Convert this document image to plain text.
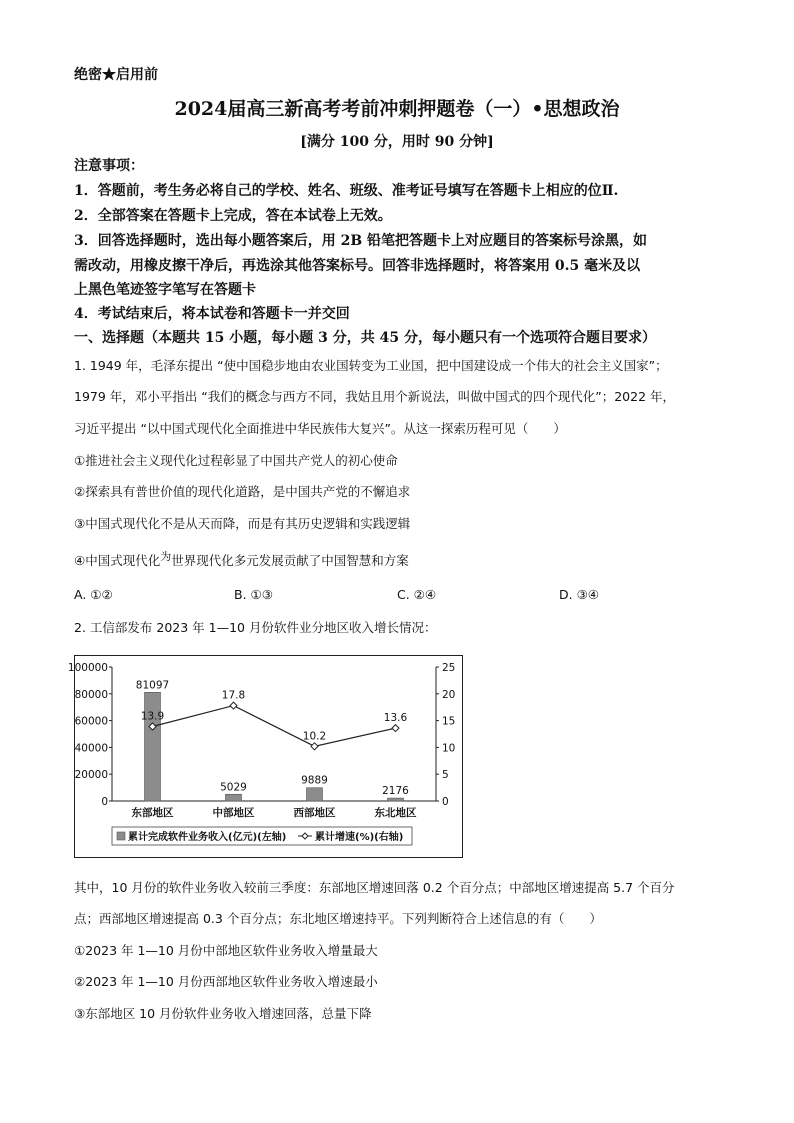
绝密★启用前
2024届高三新高考考前冲刺押题卷（一）•思想政治
[满分 100 分，用时 90 分钟]
注意事项：
1．答题前，考生务必将自己的学校、姓名、班级、准考证号填写在答题卡上相应的位Ⅱ.
2．全部答案在答题卡上完成，答在本试卷上无效。
3．回答选择题时，选出每小题答案后，用 2B 铅笔把答题卡上对应题目的答案标号涂黑，如
需改动，用橡皮擦干净后，再选涂其他答案标号。回答非选择题时，将答案用 0.5 毫米及以
上黑色笔迹签字笔写在答题卡
4．考试结束后，将本试卷和答题卡一并交回
一、选择题（本题共 15 小题，每小题 3 分，共 45 分，每小题只有一个选项符合题目要求）
1. 1949 年，毛泽东提出 “使中国稳步地由农业国转变为工业国，把中国建设成一个伟大的社会主义国家”；
1979 年，邓小平指出 “我们的概念与西方不同，我姑且用个新说法，叫做中国式的四个现代化”；2022 年，
习近平提出 “以中国式现代化全面推进中华民族伟大复兴”。从这一探索历程可见（　　）
①推进社会主义现代化过程彰显了中国共产党人的初心使命
②探索具有普世价值的现代化道路，是中国共产党的不懈追求
③中国式现代化不是从天而降，而是有其历史逻辑和实践逻辑
④中国式现代化为世界现代化多元发展贡献了中国智慧和方案
A. ①②	B. ①③	C. ②④	D. ③④
2. 工信部发布 2023 年 1—10 月份软件业分地区收入增长情况：
100000
80000
60000
40000
20000
0
25
20
15
10
5
0
81097
5029
9889
2176
东部地区	中部地区	西部地区	东北地区
13.9
17.8
10.2
13.6
累计完成软件业务收入(亿元)(左轴)	累计增速(%)(右轴)
其中，10 月份的软件业务收入较前三季度：东部地区增速回落 0.2 个百分点；中部地区增速提高 5.7 个百分
点；西部地区增速提高 0.3 个百分点；东北地区增速持平。下列判断符合上述信息的有（　　）
①2023 年 1—10 月份中部地区软件业务收入增量最大
②2023 年 1—10 月份西部地区软件业务收入增速最小
③东部地区 10 月份软件业务收入增速回落，总量下降
